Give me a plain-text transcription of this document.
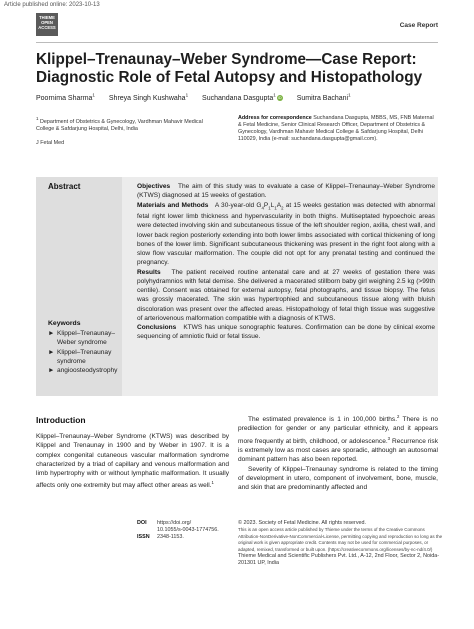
Article published online: 2023-10-13
THIEME
OPEN
ACCESS	Case Report
Klippel–Trenaunay–Weber Syndrome—Case Report: Diagnostic Role of Fetal Autopsy and Histopathology
Poornima Sharma$^1$ Shreya Singh Kushwaha$^1$ Suchandana Dasgupta$^1$ iD Sumitra Bachani$^1$
$^1$ Department of Obstetrics & Gynecology, Vardhman Mahavir Medical College & Safdarjung Hospital, Delhi, India
J Fetal Med
Address for correspondence Suchandana Dasgupta, MBBS, MS, FNB Maternal & Fetal Medicine, Senior Clinical Research Officer, Department of Obstetrics & Gynecology, Vardhman Mahavir Medical College & Safdarjung Hospital, Delhi 110029, India (e-mail: suchandana.dasgupta@gmail.com).
Abstract	Objectives The aim of this study was to evaluate a case of Klippel–Trenaunay–Weber Syndrome (KTWS) diagnosed at 15 weeks of gestation.

Materials and Methods A 30-year-old $G_4P_1L_1A_2$ at 15 weeks gestation was detected with abnormal fetal right lower limb thickness and hypervascularity in both thighs. Multiseptated hypoechoic areas were detected involving skin and subcutaneous tissue of the left shoulder region, axilla, chest wall, and lower back region posteriorly extending into both lower limbs associated with cortical thickening of long bones of the lower limb. Significant subcutaneous thickening was present in the right foot along with a slow flow vascular malformation. The couple did not opt for any prenatal testing and continued the pregnancy.

Results The patient received routine antenatal care and at 27 weeks of gestation there was polyhydramnios with fetal demise. She delivered a macerated stillborn baby girl weighing 2.5 kg (>99th centile). Consent was obtained for external autopsy, fetal photographs, and tissue biopsy. The fetus was grossly macerated. The skin was hypertrophied and subcutaneous tissue along with bluish discoloration was present over the affected areas. Histopathology of fetal thigh tissue was suggestive of arteriovenous malformation compatible with a diagnosis of KTWS.

Conclusions KTWS has unique sonographic features. Confirmation can be done by clinical exome sequencing of amniotic fluid or fetal tissue.

Keywords
► Klippel–Trenaunay–Weber syndrome
► Klippel–Trenaunay syndrome
► angioosteodystrophy
Introduction
Klippel–Trenaunay–Weber Syndrome (KTWS) was described by Klippel and Trenaunay in 1900 and by Weber in 1907. It is a complex congenital cutaneous vascular malformation syndrome characterized by a triad of capillary and venous malformation and limb hypertrophy with or without lymphatic malformation. It usually affects only one extremity but may affect other areas as well.$^1$

The estimated prevalence is 1 in 100,000 births.$^2$ There is no predilection for gender or any particular ethnicity, and it appears more frequently at birth, childhood, or adolescence.$^3$ Recurrence risk is extremely low as most cases are sporadic, although an autosomal dominant pattern has also been reported.

Severity of Klippel–Trenaunay syndrome is related to the timing of development in utero, component of involvement, bone, muscle, and skin that are predominantly affected and

DOI https://doi.org/
10.1055/s-0043-1774756.
ISSN 2348-1153.
© 2023. Society of Fetal Medicine. All rights reserved.
This is an open access article published by Thieme under the terms of the Creative Commons Attribution-NonDerivative-NonCommercial-License, permitting copying and reproduction so long as the original work is given appropriate credit. Contents may not be used for commercial purposes, or adapted, remixed, transformed or built upon. (https://creativecommons.org/licenses/by-nc-nd/4.0/)
Thieme Medical and Scientific Publishers Pvt. Ltd., A-12, 2nd Floor, Sector 2, Noida-201301 UP, India
